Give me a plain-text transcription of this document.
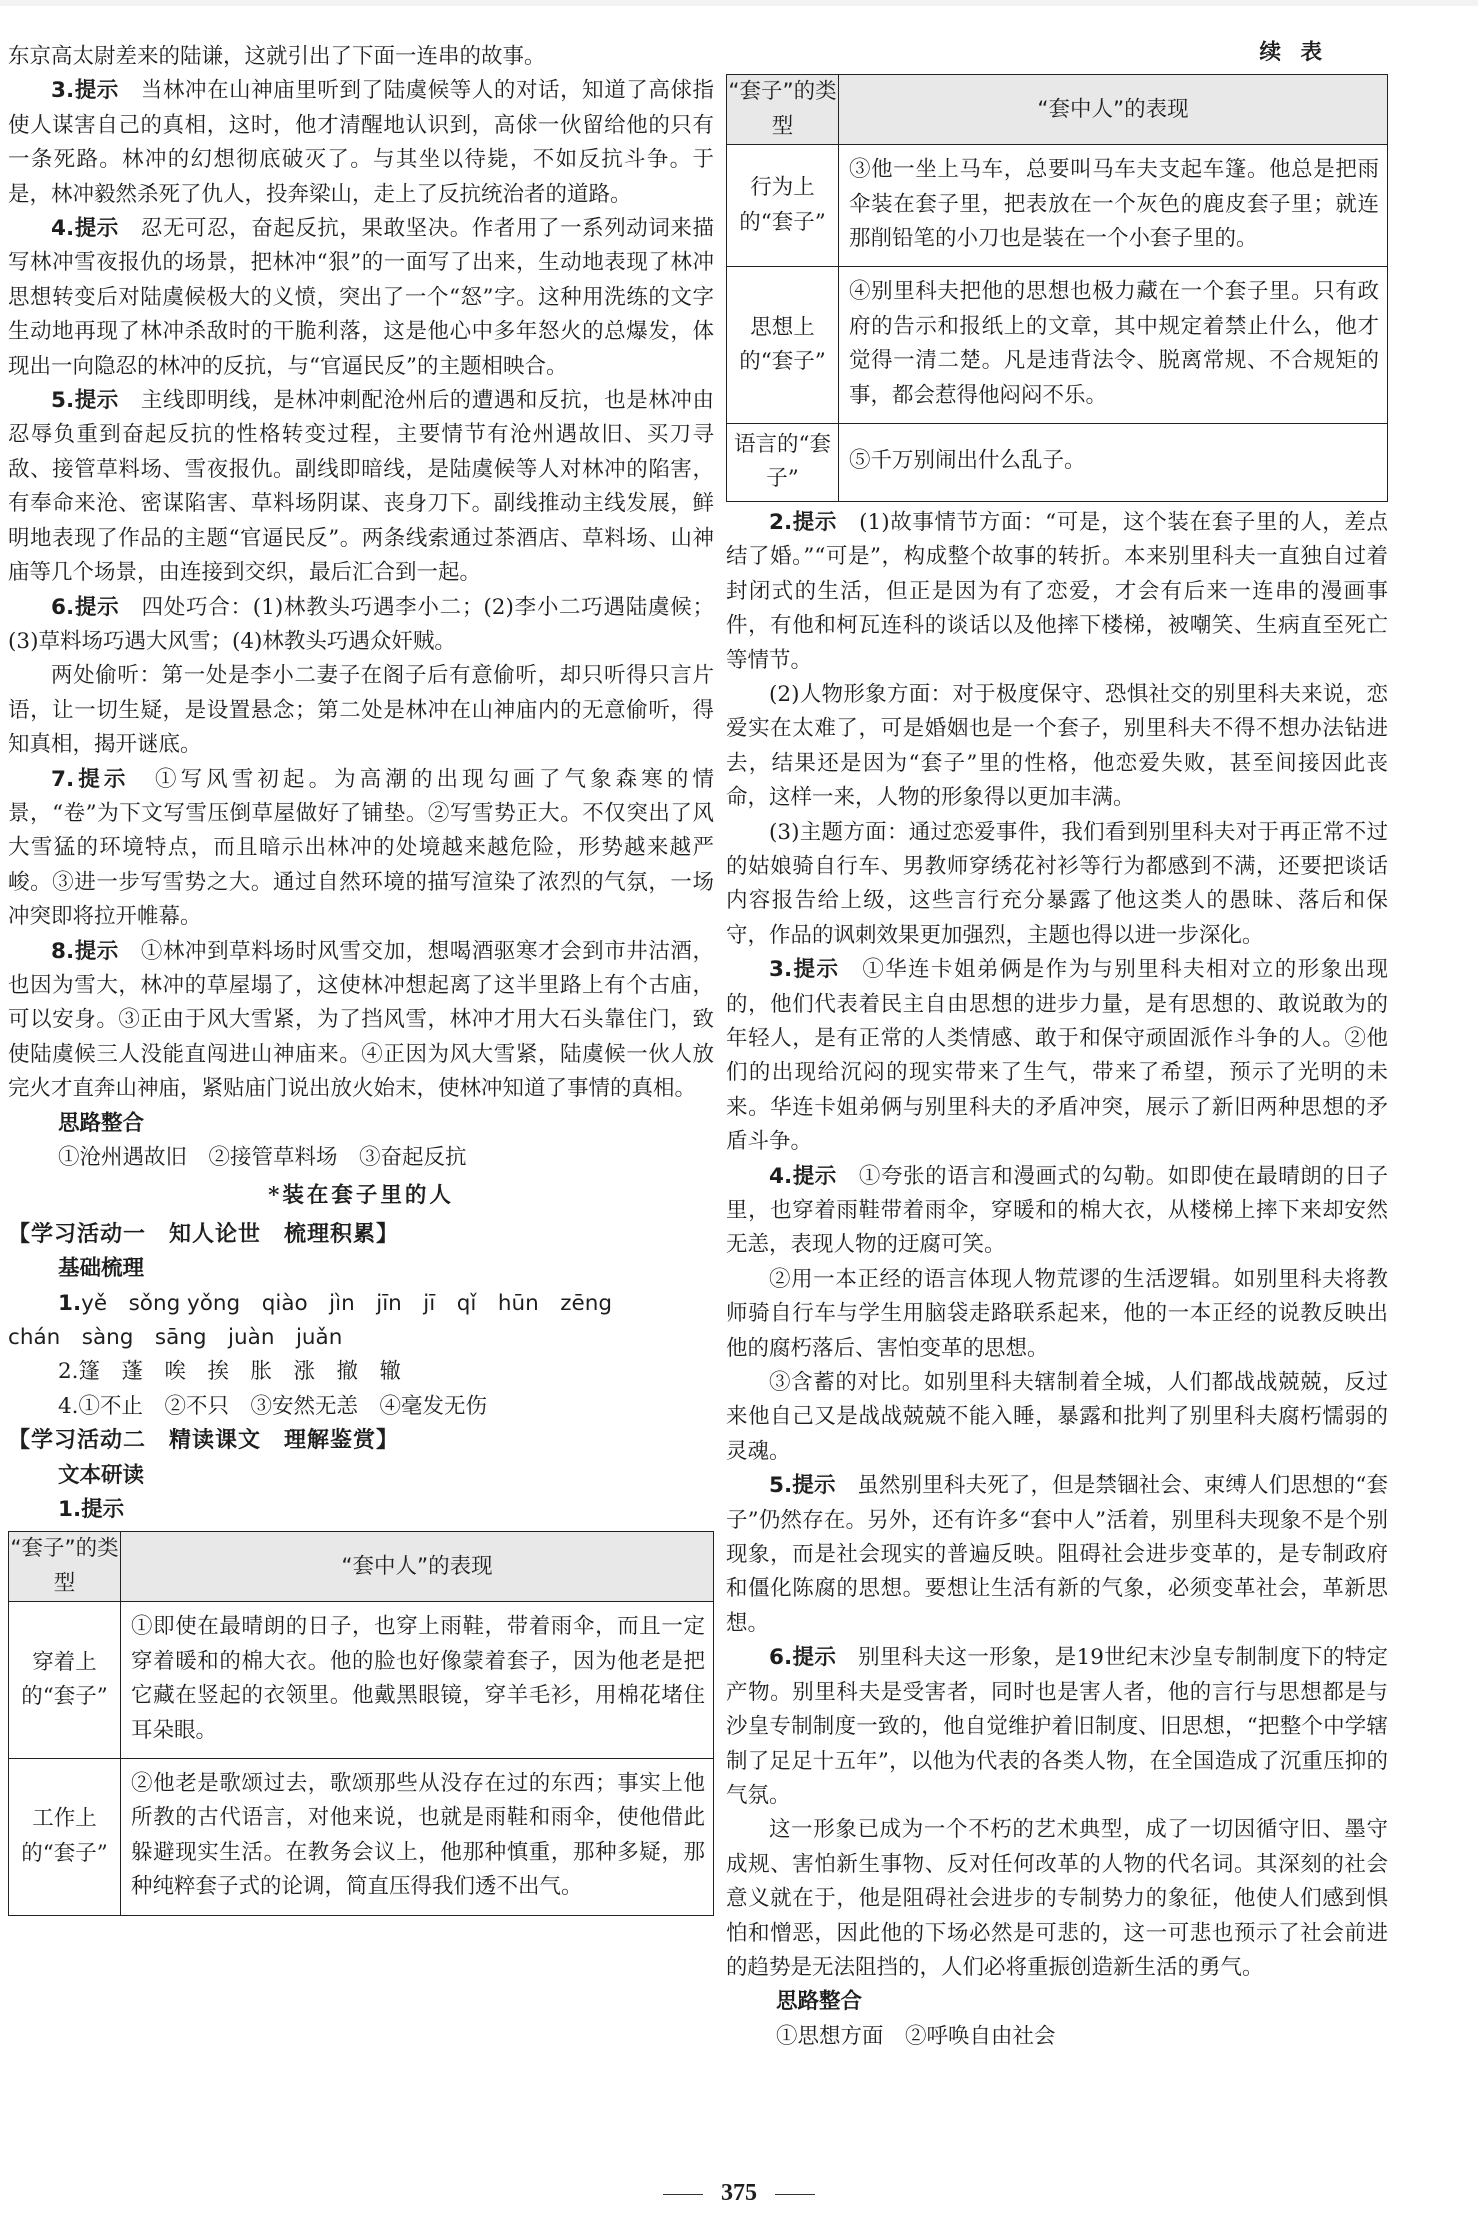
东京高太尉差来的陆谦，这就引出了下面一连串的故事。
3.提示　 当林冲在山神庙里听到了陆虞候等人的对话，知道了高俅指使人谋害自己的真相，这时，他才清醒地认识到，高俅一伙留给他的只有一条死路。林冲的幻想彻底破灭了。与其坐以待毙，不如反抗斗争。于是，林冲毅然杀死了仇人，投奔梁山，走上了反抗统治者的道路。
4.提示　 忍无可忍，奋起反抗，果敢坚决。作者用了一系列动词来描写林冲雪夜报仇的场景，把林冲“狠”的一面写了出来，生动地表现了林冲思想转变后对陆虞候极大的义愤，突出了一个“怒”字。这种用洗练的文字生动地再现了林冲杀敌时的干脆利落，这是他心中多年怒火的总爆发，体现出一向隐忍的林冲的反抗，与“官逼民反”的主题相映合。
5.提示　 主线即明线，是林冲刺配沧州后的遭遇和反抗，也是林冲由忍辱负重到奋起反抗的性格转变过程，主要情节有沧州遇故旧、买刀寻敌、接管草料场、雪夜报仇。副线即暗线，是陆虞候等人对林冲的陷害，有奉命来沧、密谋陷害、草料场阴谋、丧身刀下。副线推动主线发展，鲜明地表现了作品的主题“官逼民反”。两条线索通过茶酒店、草料场、山神庙等几个场景，由连接到交织，最后汇合到一起。
6.提示　 四处巧合：(1)林教头巧遇李小二；(2)李小二巧遇陆虞候；(3)草料场巧遇大风雪；(4)林教头巧遇众奸贼。
两处偷听：第一处是李小二妻子在阁子后有意偷听，却只听得只言片语，让一切生疑，是设置悬念；第二处是林冲在山神庙内的无意偷听，得知真相，揭开谜底。
7.提示　 ①写风雪初起。为高潮的出现勾画了气象森寒的情景，“卷”为下文写雪压倒草屋做好了铺垫。②写雪势正大。不仅突出了风大雪猛的环境特点，而且暗示出林冲的处境越来越危险，形势越来越严峻。③进一步写雪势之大。通过自然环境的描写渲染了浓烈的气氛，一场冲突即将拉开帷幕。
8.提示　 ①林冲到草料场时风雪交加，想喝酒驱寒才会到市井沽酒，也因为雪大，林冲的草屋塌了，这使林冲想起离了这半里路上有个古庙，可以安身。③正由于风大雪紧，为了挡风雪，林冲才用大石头靠住门，致使陆虞候三人没能直闯进山神庙来。④正因为风大雪紧，陆虞候一伙人放完火才直奔山神庙，紧贴庙门说出放火始末，使林冲知道了事情的真相。
思路整合
①沧州遇故旧　②接管草料场　③奋起反抗
*装在套子里的人
【学习活动一　知人论世　梳理积累】
基础梳理
1.yě　sǒng yǒng　qiào　jìn　jīn　jī　qǐ　hūn　zēng
chán　sàng　sāng　juàn　juǎn
2.篷　蓬　唉　挨　胀　涨　撤　辙
4.①不止　②不只　③安然无恙　④毫发无伤
【学习活动二　精读课文　理解鉴赏】
文本研读
1.提示
“套子”的类型	“套中人”的表现
穿着上的“套子”	①即使在最晴朗的日子，也穿上雨鞋，带着雨伞，而且一定穿着暖和的棉大衣。他的脸也好像蒙着套子，因为他老是把它藏在竖起的衣领里。他戴黑眼镜，穿羊毛衫，用棉花堵住耳朵眼。
工作上的“套子”	②他老是歌颂过去，歌颂那些从没存在过的东西；事实上他所教的古代语言，对他来说，也就是雨鞋和雨伞，使他借此躲避现实生活。在教务会议上，他那种慎重，那种多疑，那种纯粹套子式的论调，简直压得我们透不出气。
续 表
“套子”的类型	“套中人”的表现
行为上的“套子”	③他一坐上马车，总要叫马车夫支起车篷。他总是把雨伞装在套子里，把表放在一个灰色的鹿皮套子里；就连那削铅笔的小刀也是装在一个小套子里的。
思想上的“套子”	④别里科夫把他的思想也极力藏在一个套子里。只有政府的告示和报纸上的文章，其中规定着禁止什么，他才觉得一清二楚。凡是违背法令、脱离常规、不合规矩的事，都会惹得他闷闷不乐。
语言的“套子”	⑤千万别闹出什么乱子。
2.提示　 (1)故事情节方面：“可是，这个装在套子里的人，差点结了婚。”“可是”，构成整个故事的转折。本来别里科夫一直独自过着封闭式的生活，但正是因为有了恋爱，才会有后来一连串的漫画事件，有他和柯瓦连科的谈话以及他摔下楼梯，被嘲笑、生病直至死亡等情节。
(2)人物形象方面：对于极度保守、恐惧社交的别里科夫来说，恋爱实在太难了，可是婚姻也是一个套子，别里科夫不得不想办法钻进去，结果还是因为“套子”里的性格，他恋爱失败，甚至间接因此丧命，这样一来，人物的形象得以更加丰满。
(3)主题方面：通过恋爱事件，我们看到别里科夫对于再正常不过的姑娘骑自行车、男教师穿绣花衬衫等行为都感到不满，还要把谈话内容报告给上级，这些言行充分暴露了他这类人的愚昧、落后和保守，作品的讽刺效果更加强烈，主题也得以进一步深化。
3.提示　 ①华连卡姐弟俩是作为与别里科夫相对立的形象出现的，他们代表着民主自由思想的进步力量，是有思想的、敢说敢为的年轻人，是有正常的人类情感、敢于和保守顽固派作斗争的人。②他们的出现给沉闷的现实带来了生气，带来了希望，预示了光明的未来。华连卡姐弟俩与别里科夫的矛盾冲突，展示了新旧两种思想的矛盾斗争。
4.提示　 ①夸张的语言和漫画式的勾勒。如即使在最晴朗的日子里，也穿着雨鞋带着雨伞，穿暖和的棉大衣，从楼梯上摔下来却安然无恙，表现人物的迂腐可笑。
②用一本正经的语言体现人物荒谬的生活逻辑。如别里科夫将教师骑自行车与学生用脑袋走路联系起来，他的一本正经的说教反映出他的腐朽落后、害怕变革的思想。
③含蓄的对比。如别里科夫辖制着全城，人们都战战兢兢，反过来他自己又是战战兢兢不能入睡，暴露和批判了别里科夫腐朽懦弱的灵魂。
5.提示　 虽然别里科夫死了，但是禁锢社会、束缚人们思想的“套子”仍然存在。另外，还有许多“套中人”活着，别里科夫现象不是个别现象，而是社会现实的普遍反映。阻碍社会进步变革的，是专制政府和僵化陈腐的思想。要想让生活有新的气象，必须变革社会，革新思想。
6.提示　 别里科夫这一形象，是19世纪末沙皇专制制度下的特定产物。别里科夫是受害者，同时也是害人者，他的言行与思想都是与沙皇专制制度一致的，他自觉维护着旧制度、旧思想，“把整个中学辖制了足足十五年”，以他为代表的各类人物，在全国造成了沉重压抑的气氛。
这一形象已成为一个不朽的艺术典型，成了一切因循守旧、墨守成规、害怕新生事物、反对任何改革的人物的代名词。其深刻的社会意义就在于，他是阻碍社会进步的专制势力的象征，他使人们感到惧怕和憎恶，因此他的下场必然是可悲的，这一可悲也预示了社会前进的趋势是无法阻挡的，人们必将重振创造新生活的勇气。
思路整合
①思想方面　②呼唤自由社会
375
